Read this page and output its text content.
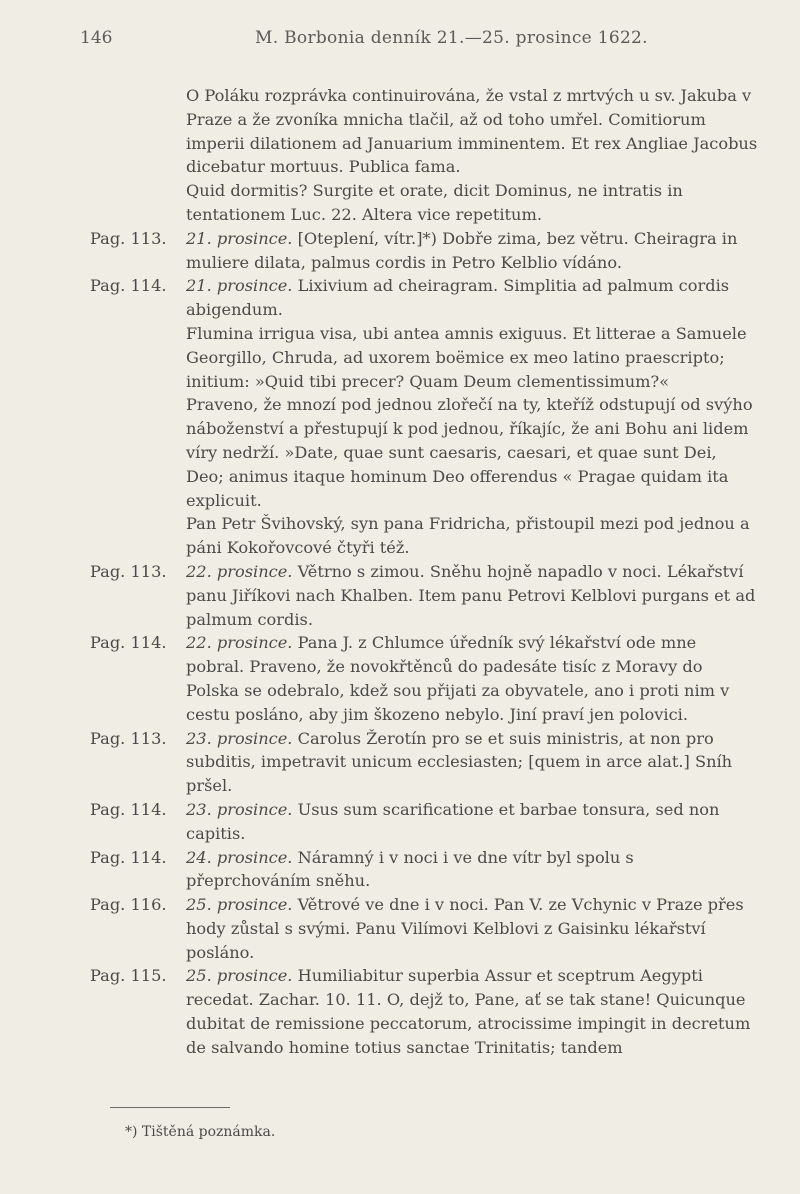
146	M. Borbonia denník 21.—25. prosince 1622.

O Poláku rozprávka continuirována, že vstal z mrtvých u sv. Jakuba v Praze a že zvoníka mnicha tlačil, až od toho umřel. Comitiorum imperii dilationem ad Januarium imminentem. Et rex Angliae Jacobus dicebatur mortuus. Publica fama.

Quid dormitis? Surgite et orate, dicit Dominus, ne intratis in tentationem Luc. 22. Altera vice repetitum.

Pag. 113. 21. prosince. [Oteplení, vítr.]*) Dobře zima, bez větru. Cheiragra in muliere dilata, palmus cordis in Petro Kelblio vídáno.

Pag. 114. 21. prosince. Lixivium ad cheiragram. Simplitia ad palmum cordis abigendum.

Flumina irrigua visa, ubi antea amnis exiguus. Et litterae a Samuele Georgillo, Chruda, ad uxorem boëmice ex meo latino praescripto; initium: »Quid tibi precer? Quam Deum clementissimum?«

Praveno, že mnozí pod jednou zlořečí na ty, kteříž odstupují od svýho náboženství a přestupují k pod jednou, říkajíc, že ani Bohu ani lidem víry nedrží. »Date, quae sunt caesaris, caesari, et quae sunt Dei, Deo; animus itaque hominum Deo offerendus « Pragae quidam ita explicuit.

Pan Petr Švihovský, syn pana Fridricha, přistoupil mezi pod jednou a páni Kokořovcové čtyři též.

Pag. 113. 22. prosince. Větrno s zimou. Sněhu hojně napadlo v noci. Lékařství panu Jiříkovi nach Khalben. Item panu Petrovi Kelblovi purgans et ad palmum cordis.

Pag. 114. 22. prosince. Pana J. z Chlumce úředník svý lékařství ode mne pobral. Praveno, že novokřtěnců do padesáte tisíc z Moravy do Polska se odebralo, kdež sou přijati za obyvatele, ano i proti nim v cestu posláno, aby jim škozeno nebylo. Jiní praví jen polovici.

Pag. 113. 23. prosince. Carolus Žerotín pro se et suis ministris, at non pro subditis, impetravit unicum ecclesiasten; [quem in arce alat.] Sníh pršel.

Pag. 114. 23. prosince. Usus sum scarificatione et barbae tonsura, sed non capitis.

Pag. 114. 24. prosince. Náramný i v noci i ve dne vítr byl spolu s přeprchováním sněhu.

Pag. 116. 25. prosince. Větrové ve dne i v noci. Pan V. ze Vchynic v Praze přes hody zůstal s svými. Panu Vilímovi Kelblovi z Gaisinku lékařství posláno.

Pag. 115. 25. prosince. Humiliabitur superbia Assur et sceptrum Aegypti recedat. Zachar. 10. 11. O, dejž to, Pane, ať se tak stane! Quicunque dubitat de remissione peccatorum, atrocissime impingit in decretum de salvando homine totius sanctae Trinitatis; tandem

*) Tištěná poznámka.
